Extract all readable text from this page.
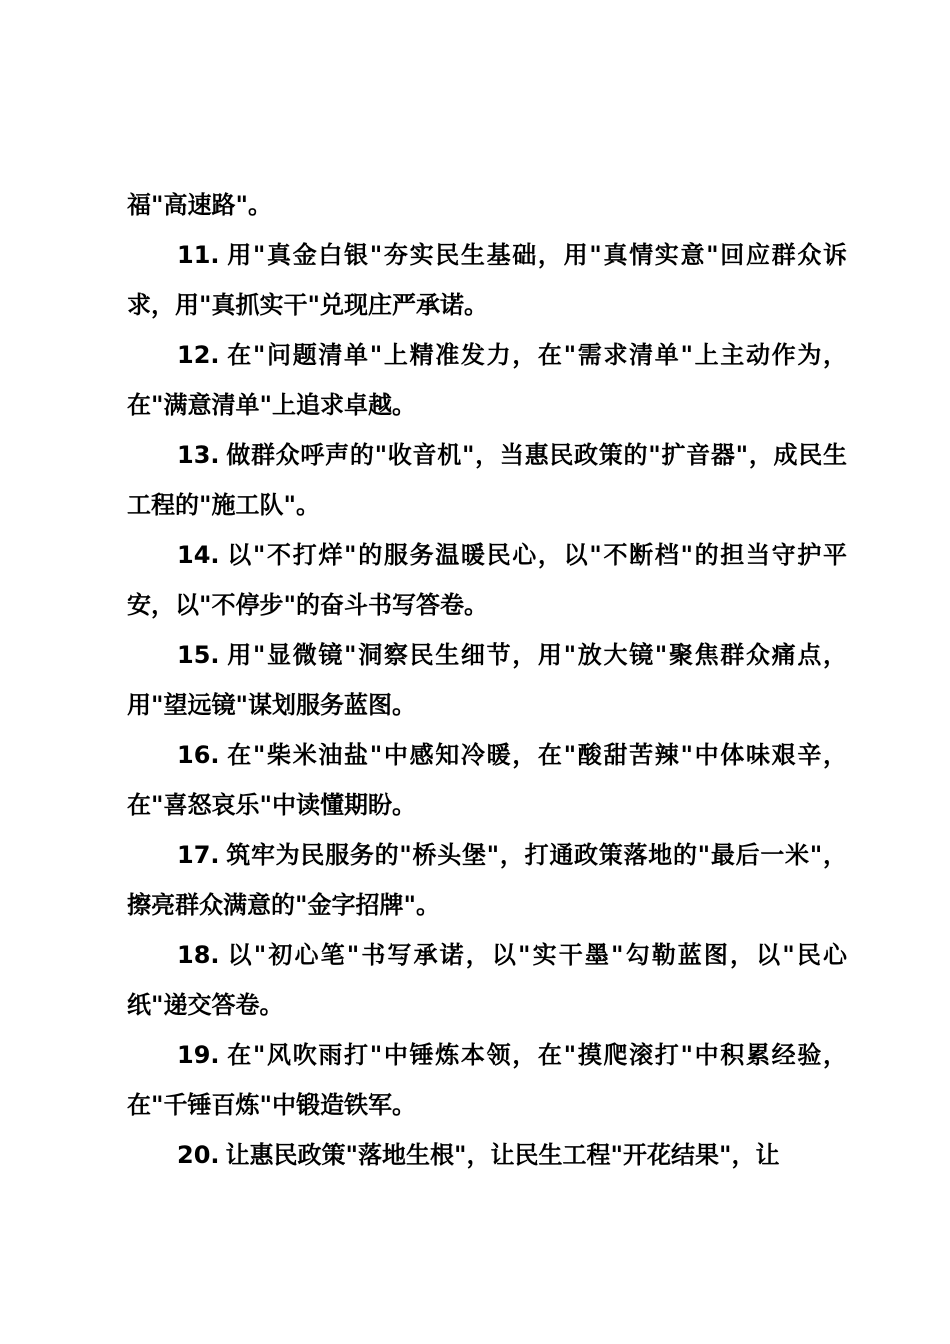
福"高速路"。

11. 用"真金白银"夯实民生基础，用"真情实意"回应群众诉求，用"真抓实干"兑现庄严承诺。

12. 在"问题清单"上精准发力，在"需求清单"上主动作为，在"满意清单"上追求卓越。

13. 做群众呼声的"收音机"，当惠民政策的"扩音器"，成民生工程的"施工队"。

14. 以"不打烊"的服务温暖民心，以"不断档"的担当守护平安，以"不停步"的奋斗书写答卷。

15. 用"显微镜"洞察民生细节，用"放大镜"聚焦群众痛点，用"望远镜"谋划服务蓝图。

16. 在"柴米油盐"中感知冷暖，在"酸甜苦辣"中体味艰辛，在"喜怒哀乐"中读懂期盼。

17. 筑牢为民服务的"桥头堡"，打通政策落地的"最后一米"，擦亮群众满意的"金字招牌"。

18. 以"初心笔"书写承诺，以"实干墨"勾勒蓝图，以"民心纸"递交答卷。

19. 在"风吹雨打"中锤炼本领，在"摸爬滚打"中积累经验，在"千锤百炼"中锻造铁军。

20. 让惠民政策"落地生根"，让民生工程"开花结果"，让
